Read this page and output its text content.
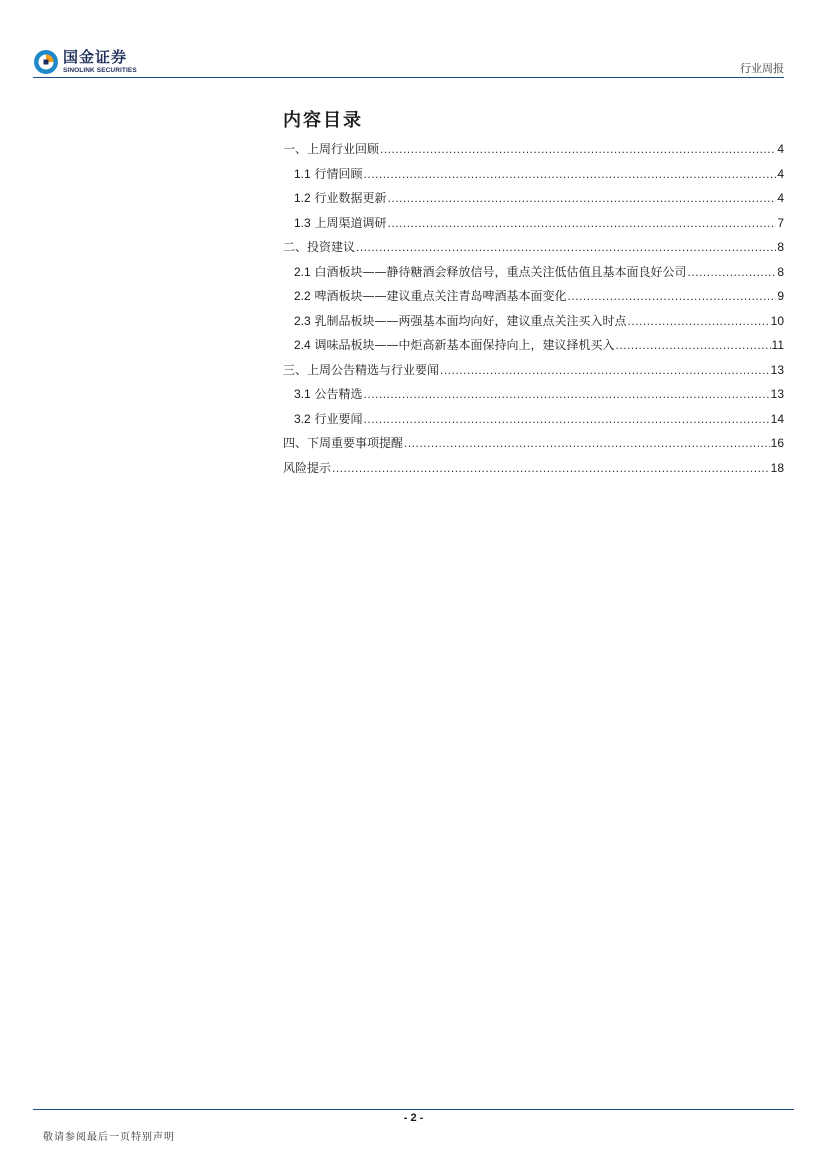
国金证券
SINOLINK SECURITIES	行业周报
内容目录
一、上周行业回顾 .....	4
1.1 行情回顾 .....	4
1.2 行业数据更新 .....	4
1.3 上周渠道调研 .....	7
二、投资建议 .....	8
2.1 白酒板块——静待糖酒会释放信号，重点关注低估值且基本面良好公司 .....	8
2.2 啤酒板块——建议重点关注青岛啤酒基本面变化 .....	9
2.3 乳制品板块——两强基本面均向好，建议重点关注买入时点 .....	10
2.4 调味品板块——中炬高新基本面保持向上，建议择机买入 .....	11
三、上周公告精选与行业要闻 .....	13
3.1 公告精选 .....	13
3.2 行业要闻 .....	14
四、下周重要事项提醒 .....	16
风险提示 .....	18
- 2 -
敬请参阅最后一页特别声明
